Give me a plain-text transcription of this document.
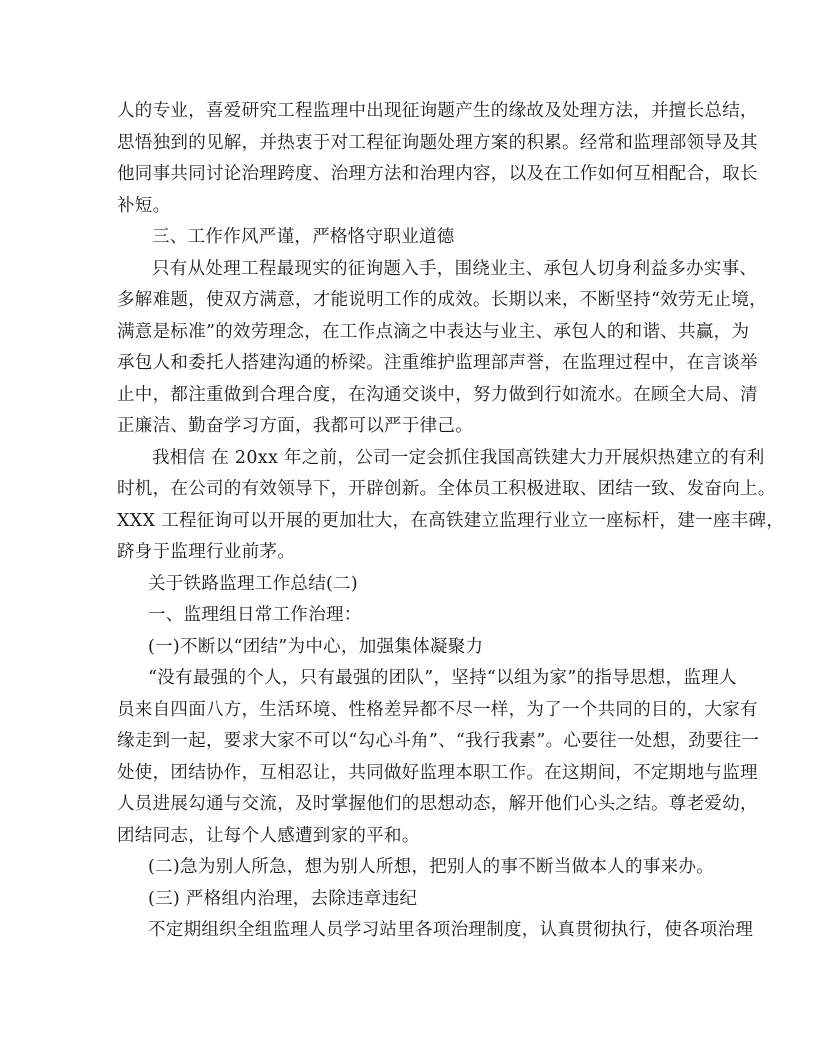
人的专业，喜爱研究工程监理中出现征询题产生的缘故及处理方法，并擅长总结，
思悟独到的见解，并热衷于对工程征询题处理方案的积累。经常和监理部领导及其
他同事共同讨论治理跨度、治理方法和治理内容，以及在工作如何互相配合，取长
补短。
三、工作作风严谨，严格恪守职业道德
只有从处理工程最现实的征询题入手，围绕业主、承包人切身利益多办实事、
多解难题，使双方满意，才能说明工作的成效。长期以来，不断坚持“效劳无止境，
满意是标准”的效劳理念，在工作点滴之中表达与业主、承包人的和谐、共赢，为
承包人和委托人搭建沟通的桥梁。注重维护监理部声誉，在监理过程中，在言谈举
止中，都注重做到合理合度，在沟通交谈中，努力做到行如流水。在顾全大局、清
正廉洁、勤奋学习方面，我都可以严于律己。
我相信 在 20xx 年之前，公司一定会抓住我国高铁建大力开展炽热建立的有利
时机，在公司的有效领导下，开辟创新。全体员工积极进取、团结一致、发奋向上。
XXX 工程征询可以开展的更加壮大，在高铁建立监理行业立一座标杆，建一座丰碑，
跻身于监理行业前茅。
关于铁路监理工作总结(二)
一、监理组日常工作治理：
(一)不断以“团结”为中心，加强集体凝聚力
“没有最强的个人，只有最强的团队”，坚持“以组为家”的指导思想，监理人
员来自四面八方，生活环境、性格差异都不尽一样，为了一个共同的目的，大家有
缘走到一起，要求大家不可以“勾心斗角”、“我行我素”。心要往一处想，劲要往一
处使，团结协作，互相忍让，共同做好监理本职工作。在这期间，不定期地与监理
人员进展勾通与交流，及时掌握他们的思想动态，解开他们心头之结。尊老爱幼，
团结同志，让每个人感遭到家的平和。
(二)急为别人所急，想为别人所想，把别人的事不断当做本人的事来办。
(三) 严格组内治理，去除违章违纪
不定期组织全组监理人员学习站里各项治理制度，认真贯彻执行，使各项治理
